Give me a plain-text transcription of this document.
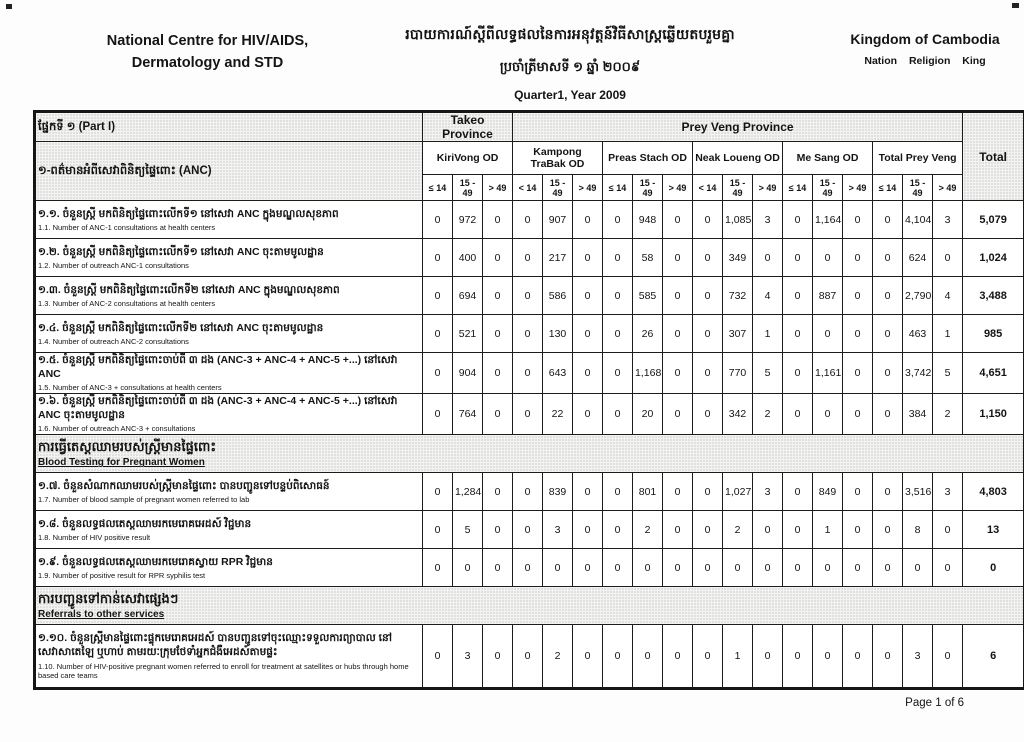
National Centre for HIV/AIDS,
Dermatology and STD
របាយការណ៍ស្តីពីលទ្ធផលនៃការអនុវត្តន៍វិធីសាស្ត្រឆ្លើយតបរួមគ្នា
ប្រចាំត្រីមាសទី ១ ឆ្នាំ ២០០៩
Quarter1, Year 2009
Kingdom of Cambodia
Nation Religion King
ផ្នែកទី ១ (Part I)	Takeo Province			Prey Veng Province															Total
១-ពត៌មានអំពីសេវាពិនិត្យផ្ទៃពោះ (ANC)	KiriVong OD			Kampong TraBak OD			Preas Stach OD			Neak Loueng OD			Me Sang OD			Total Prey Veng			
	≤ 14	15 - 49	> 49	< 14	15 - 49	> 49	≤ 14	15 - 49	> 49	< 14	15 - 49	> 49	≤ 14	15 - 49	> 49	≤ 14	15 - 49	> 49	

១.១. ចំនួនស្ត្រី មកពិនិត្យផ្ទៃពោះលើកទី១ នៅសេវា ANC ក្នុងមណ្ឌលសុខភាព
1.1. Number of ANC-1 consultations at health centers	0	972	0	0	907	0	0	948	0	0	1,085	3	0	1,164	0	0	4,104	3	5,079

១.២. ចំនួនស្ត្រី មកពិនិត្យផ្ទៃពោះលើកទី១ នៅសេវា ANC ចុះតាមមូលដ្ឋាន
1.2. Number of outreach ANC-1 consultations	0	400	0	0	217	0	0	58	0	0	349	0	0	0	0	0	624	0	1,024

១.៣. ចំនួនស្ត្រី មកពិនិត្យផ្ទៃពោះលើកទី២ នៅសេវា ANC ក្នុងមណ្ឌលសុខភាព
1.3. Number of ANC-2 consultations at health centers	0	694	0	0	586	0	0	585	0	0	732	4	0	887	0	0	2,790	4	3,488

១.៤. ចំនួនស្ត្រី មកពិនិត្យផ្ទៃពោះលើកទី២ នៅសេវា ANC ចុះតាមមូលដ្ឋាន
1.4. Number of outreach ANC-2 consultations	0	521	0	0	130	0	0	26	0	0	307	1	0	0	0	0	463	1	985

១.៥. ចំនួនស្ត្រី មកពិនិត្យផ្ទៃពោះចាប់ពី ៣ ដង (ANC-3 + ANC-4 + ANC-5 +...) នៅសេវា ANC
1.5. Number of ANC-3 + consultations at health centers	0	904	0	0	643	0	0	1,168	0	0	770	5	0	1,161	0	0	3,742	5	4,651

១.៦. ចំនួនស្ត្រី មកពិនិត្យផ្ទៃពោះចាប់ពី ៣ ដង (ANC-3 + ANC-4 + ANC-5 +...) នៅសេវា ANC ចុះតាមមូលដ្ឋាន
1.6. Number of outreach ANC-3 + consultations	0	764	0	0	22	0	0	20	0	0	342	2	0	0	0	0	384	2	1,150

ការធ្វើតេស្តឈាមរបស់ស្ត្រីមានផ្ទៃពោះ
Blood Testing for Pregnant Women																			

១.៧. ចំនួនសំណាកឈាមរបស់ស្ត្រីមានផ្ទៃពោះ បានបញ្ជូនទៅបន្ទប់ពិសោធន៍
1.7. Number of blood sample of pregnant women referred to lab	0	1,284	0	0	839	0	0	801	0	0	1,027	3	0	849	0	0	3,516	3	4,803

១.៨. ចំនួនលទ្ធផលតេស្តឈាមរកមេរោគអេដស៍ វិជ្ជមាន
1.8. Number of HIV positive result	0	5	0	0	3	0	0	2	0	0	2	0	0	1	0	0	8	0	13

១.៩. ចំនួនលទ្ធផលតេស្តឈាមរកមេរោគស្វាយ RPR វិជ្ជមាន
1.9. Number of positive result for RPR syphilis test	0	0	0	0	0	0	0	0	0	0	0	0	0	0	0	0	0	0	0

ការបញ្ជូនទៅកាន់សេវាផ្សេងៗ
Referrals to other services																			

១.១០. ចំនួនស្ត្រីមានផ្ទៃពោះផ្ទុកមេរោគអេដស៍ បានបញ្ជូនទៅចុះឈ្មោះទទួលការព្យាបាល នៅសេវាសាតេឡៃ ឬហាប់ តាមរយៈក្រុមថែទាំអ្នកជំងឺអេដស៍តាមផ្ទះ
1.10. Number of HIV-positive pregnant women referred to enroll for treatment at satellites or hubs through home based care teams	0	3	0	0	2	0	0	0	0	0	1	0	0	0	0	0	3	0	6
Page 1 of 6
